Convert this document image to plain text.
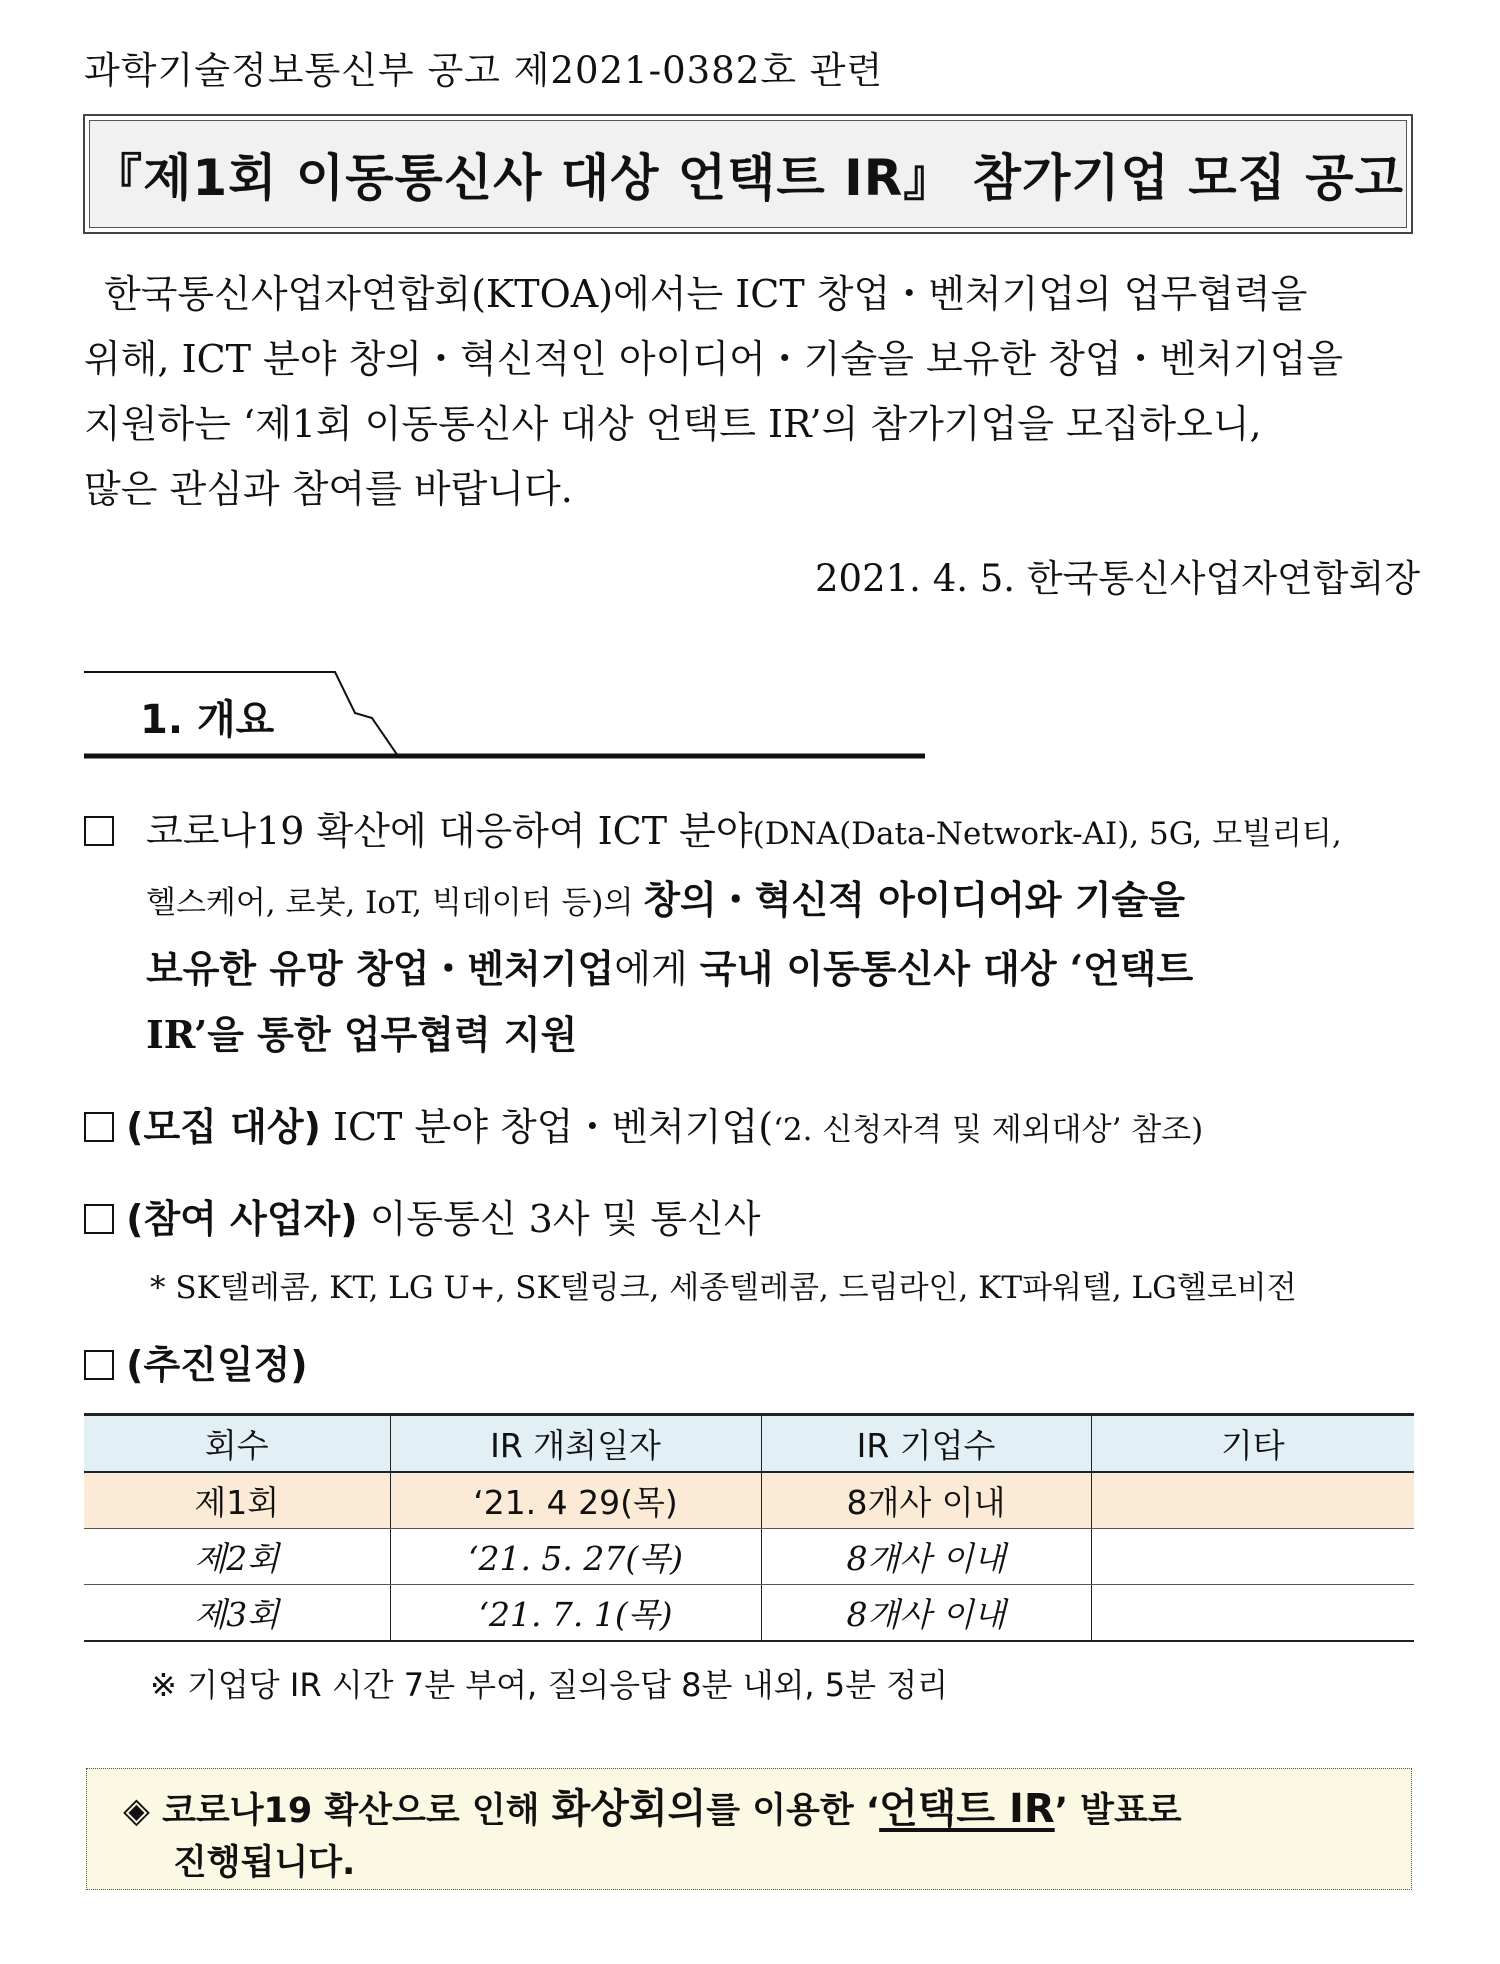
과학기술정보통신부 공고 제2021-0382호 관련
『제1회 이동통신사 대상 언택트 IR』 참가기업 모집 공고
한국통신사업자연합회(KTOA)에서는 ICT 창업・벤처기업의 업무협력을
위해, ICT 분야 창의・혁신적인 아이디어・기술을 보유한 창업・벤처기업을
지원하는 ‘제1회 이동통신사 대상 언택트 IR’의 참가기업을 모집하오니,
많은 관심과 참여를 바랍니다.
2021. 4. 5. 한국통신사업자연합회장
1. 개요
코로나19 확산에 대응하여 ICT 분야(DNA(Data-Network-AI), 5G, 모빌리티,
헬스케어, 로봇, IoT, 빅데이터 등)의 창의・혁신적 아이디어와 기술을
보유한 유망 창업・벤처기업에게 국내 이동통신사 대상 ‘언택트
IR’을 통한 업무협력 지원
(모집 대상) ICT 분야 창업・벤처기업(‘2. 신청자격 및 제외대상’ 참조)
(참여 사업자) 이동통신 3사 및 통신사
* SK텔레콤, KT, LG U+, SK텔링크, 세종텔레콤, 드림라인, KT파워텔, LG헬로비전
(추진일정)
회수	IR 개최일자	IR 기업수	기타
제1회	‘21. 4 29(목)	8개사 이내	
제2회	‘21. 5. 27(목)	8개사 이내	
제3회	‘21. 7. 1(목)	8개사 이내	
※ 기업당 IR 시간 7분 부여, 질의응답 8분 내외, 5분 정리
◈ 코로나19 확산으로 인해 화상회의를 이용한 ‘언택트 IR’ 발표로
진행됩니다.
